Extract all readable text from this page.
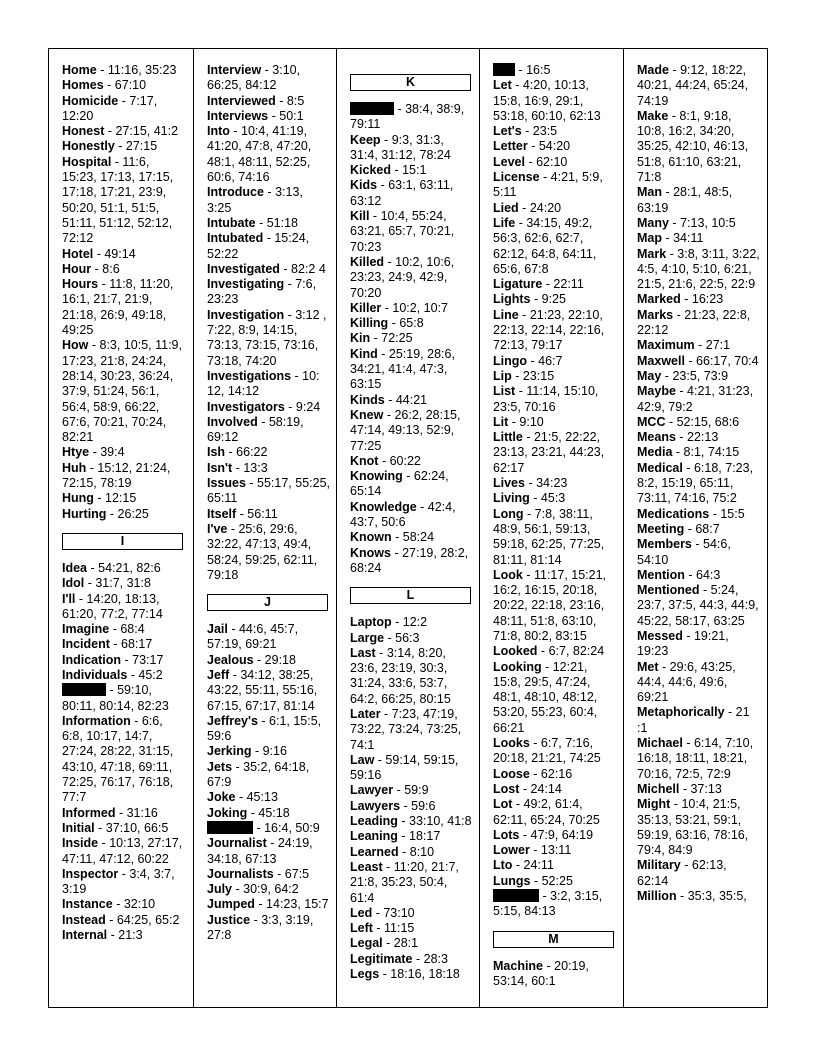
Home - 11:16, 35:23

Homes - 67:10

Homicide - 7:17, 12:20

Honest - 27:15, 41:2

Honestly - 27:15

Hospital - 11:6, 15:23, 17:13, 17:15, 17:18, 17:21, 23:9, 50:20, 51:1, 51:5, 51:11, 51:12, 52:12, 72:12

Hotel - 49:14

Hour - 8:6

Hours - 11:8, 11:20, 16:1, 21:7, 21:9, 21:18, 26:9, 49:18, 49:25

How - 8:3, 10:5, 11:9, 17:23, 21:8, 24:24, 28:14, 30:23, 36:24, 37:9, 51:24, 56:1, 56:4, 58:9, 66:22, 67:6, 70:21, 70:24, 82:21

Htye - 39:4

Huh - 15:12, 21:24, 72:15, 78:19

Hung - 12:15

Hurting - 26:25

I

Idea - 54:21, 82:6

Idol - 31:7, 31:8

I'll - 14:20, 18:13, 61:20, 77:2, 77:14

Imagine - 68:4

Incident - 68:17

Indication - 73:17

Individuals - 45:2

- 59:10, 80:11, 80:14, 82:23

Information - 6:6, 6:8, 10:17, 14:7, 27:24, 28:22, 31:15, 43:10, 47:18, 69:11, 72:25, 76:17, 76:18, 77:7

Informed - 31:16

Initial - 37:10, 66:5

Inside - 10:13, 27:17, 47:11, 47:12, 60:22

Inspector - 3:4, 3:7, 3:19

Instance - 32:10

Instead - 64:25, 65:2

Internal - 21:3

Interview - 3:10, 66:25, 84:12

Interviewed - 8:5

Interviews - 50:1

Into - 10:4, 41:19, 41:20, 47:8, 47:20, 48:1, 48:11, 52:25, 60:6, 74:16

Introduce - 3:13, 3:25

Intubate - 51:18

Intubated - 15:24, 52:22

Investigated - 82:2 4

Investigating - 7:6, 23:23

Investigation - 3:12 , 7:22, 8:9, 14:15, 73:13, 73:15, 73:16, 73:18, 74:20

Investigations - 10: 12, 14:12

Investigators - 9:24

Involved - 58:19, 69:12

Ish - 66:22

Isn't - 13:3

Issues - 55:17, 55:25, 65:11

Itself - 56:11

I've - 25:6, 29:6, 32:22, 47:13, 49:4, 58:24, 59:25, 62:11, 79:18

J

Jail - 44:6, 45:7, 57:19, 69:21

Jealous - 29:18

Jeff - 34:12, 38:25, 43:22, 55:11, 55:16, 67:15, 67:17, 81:14

Jeffrey's - 6:1, 15:5, 59:6

Jerking - 9:16

Jets - 35:2, 64:18, 67:9

Joke - 45:13

Joking - 45:18

- 16:4, 50:9

Journalist - 24:19, 34:18, 67:13

Journalists - 67:5

July - 30:9, 64:2

Jumped - 14:23, 15:7

Justice - 3:3, 3:19, 27:8

K

- 38:4, 38:9, 79:11

Keep - 9:3, 31:3, 31:4, 31:12, 78:24

Kicked - 15:1

Kids - 63:1, 63:11, 63:12

Kill - 10:4, 55:24, 63:21, 65:7, 70:21, 70:23

Killed - 10:2, 10:6, 23:23, 24:9, 42:9, 70:20

Killer - 10:2, 10:7

Killing - 65:8

Kin - 72:25

Kind - 25:19, 28:6, 34:21, 41:4, 47:3, 63:15

Kinds - 44:21

Knew - 26:2, 28:15, 47:14, 49:13, 52:9, 77:25

Knot - 60:22

Knowing - 62:24, 65:14

Knowledge - 42:4, 43:7, 50:6

Known - 58:24

Knows - 27:19, 28:2, 68:24

L

Laptop - 12:2

Large - 56:3

Last - 3:14, 8:20, 23:6, 23:19, 30:3, 31:24, 33:6, 53:7, 64:2, 66:25, 80:15

Later - 7:23, 47:19, 73:22, 73:24, 73:25, 74:1

Law - 59:14, 59:15, 59:16

Lawyer - 59:9

Lawyers - 59:6

Leading - 33:10, 41:8

Leaning - 18:17

Learned - 8:10

Least - 11:20, 21:7, 21:8, 35:23, 50:4, 61:4

Led - 73:10

Left - 11:15

Legal - 28:1

Legitimate - 28:3

Legs - 18:16, 18:18

- 16:5

Let - 4:20, 10:13, 15:8, 16:9, 29:1, 53:18, 60:10, 62:13

Let's - 23:5

Letter - 54:20

Level - 62:10

License - 4:21, 5:9, 5:11

Lied - 24:20

Life - 34:15, 49:2, 56:3, 62:6, 62:7, 62:12, 64:8, 64:11, 65:6, 67:8

Ligature - 22:11

Lights - 9:25

Line - 21:23, 22:10, 22:13, 22:14, 22:16, 72:13, 79:17

Lingo - 46:7

Lip - 23:15

List - 11:14, 15:10, 23:5, 70:16

Lit - 9:10

Little - 21:5, 22:22, 23:13, 23:21, 44:23, 62:17

Lives - 34:23

Living - 45:3

Long - 7:8, 38:11, 48:9, 56:1, 59:13, 59:18, 62:25, 77:25, 81:11, 81:14

Look - 11:17, 15:21, 16:2, 16:15, 20:18, 20:22, 22:18, 23:16, 48:11, 51:8, 63:10, 71:8, 80:2, 83:15

Looked - 6:7, 82:24

Looking - 12:21, 15:8, 29:5, 47:24, 48:1, 48:10, 48:12, 53:20, 55:23, 60:4, 66:21

Looks - 6:7, 7:16, 20:18, 21:21, 74:25

Loose - 62:16

Lost - 24:14

Lot - 49:2, 61:4, 62:11, 65:24, 70:25

Lots - 47:9, 64:19

Lower - 13:11

Lto - 24:11

Lungs - 52:25

- 3:2, 3:15, 5:15, 84:13

M

Machine - 20:19, 53:14, 60:1

Made - 9:12, 18:22, 40:21, 44:24, 65:24, 74:19

Make - 8:1, 9:18, 10:8, 16:2, 34:20, 35:25, 42:10, 46:13, 51:8, 61:10, 63:21, 71:8

Man - 28:1, 48:5, 63:19

Many - 7:13, 10:5

Map - 34:11

Mark - 3:8, 3:11, 3:22, 4:5, 4:10, 5:10, 6:21, 21:5, 21:6, 22:5, 22:9

Marked - 16:23

Marks - 21:23, 22:8, 22:12

Maximum - 27:1

Maxwell - 66:17, 70:4

May - 23:5, 73:9

Maybe - 4:21, 31:23, 42:9, 79:2

MCC - 52:15, 68:6

Means - 22:13

Media - 8:1, 74:15

Medical - 6:18, 7:23, 8:2, 15:19, 65:11, 73:11, 74:16, 75:2

Medications - 15:5

Meeting - 68:7

Members - 54:6, 54:10

Mention - 64:3

Mentioned - 5:24, 23:7, 37:5, 44:3, 44:9, 45:22, 58:17, 63:25

Messed - 19:21, 19:23

Met - 29:6, 43:25, 44:4, 44:6, 49:6, 69:21

Metaphorically - 21 :1

Michael - 6:14, 7:10, 16:18, 18:11, 18:21, 70:16, 72:5, 72:9

Michell - 37:13

Might - 10:4, 21:5, 35:13, 53:21, 59:1, 59:19, 63:16, 78:16, 79:4, 84:9

Military - 62:13, 62:14

Million - 35:3, 35:5,
